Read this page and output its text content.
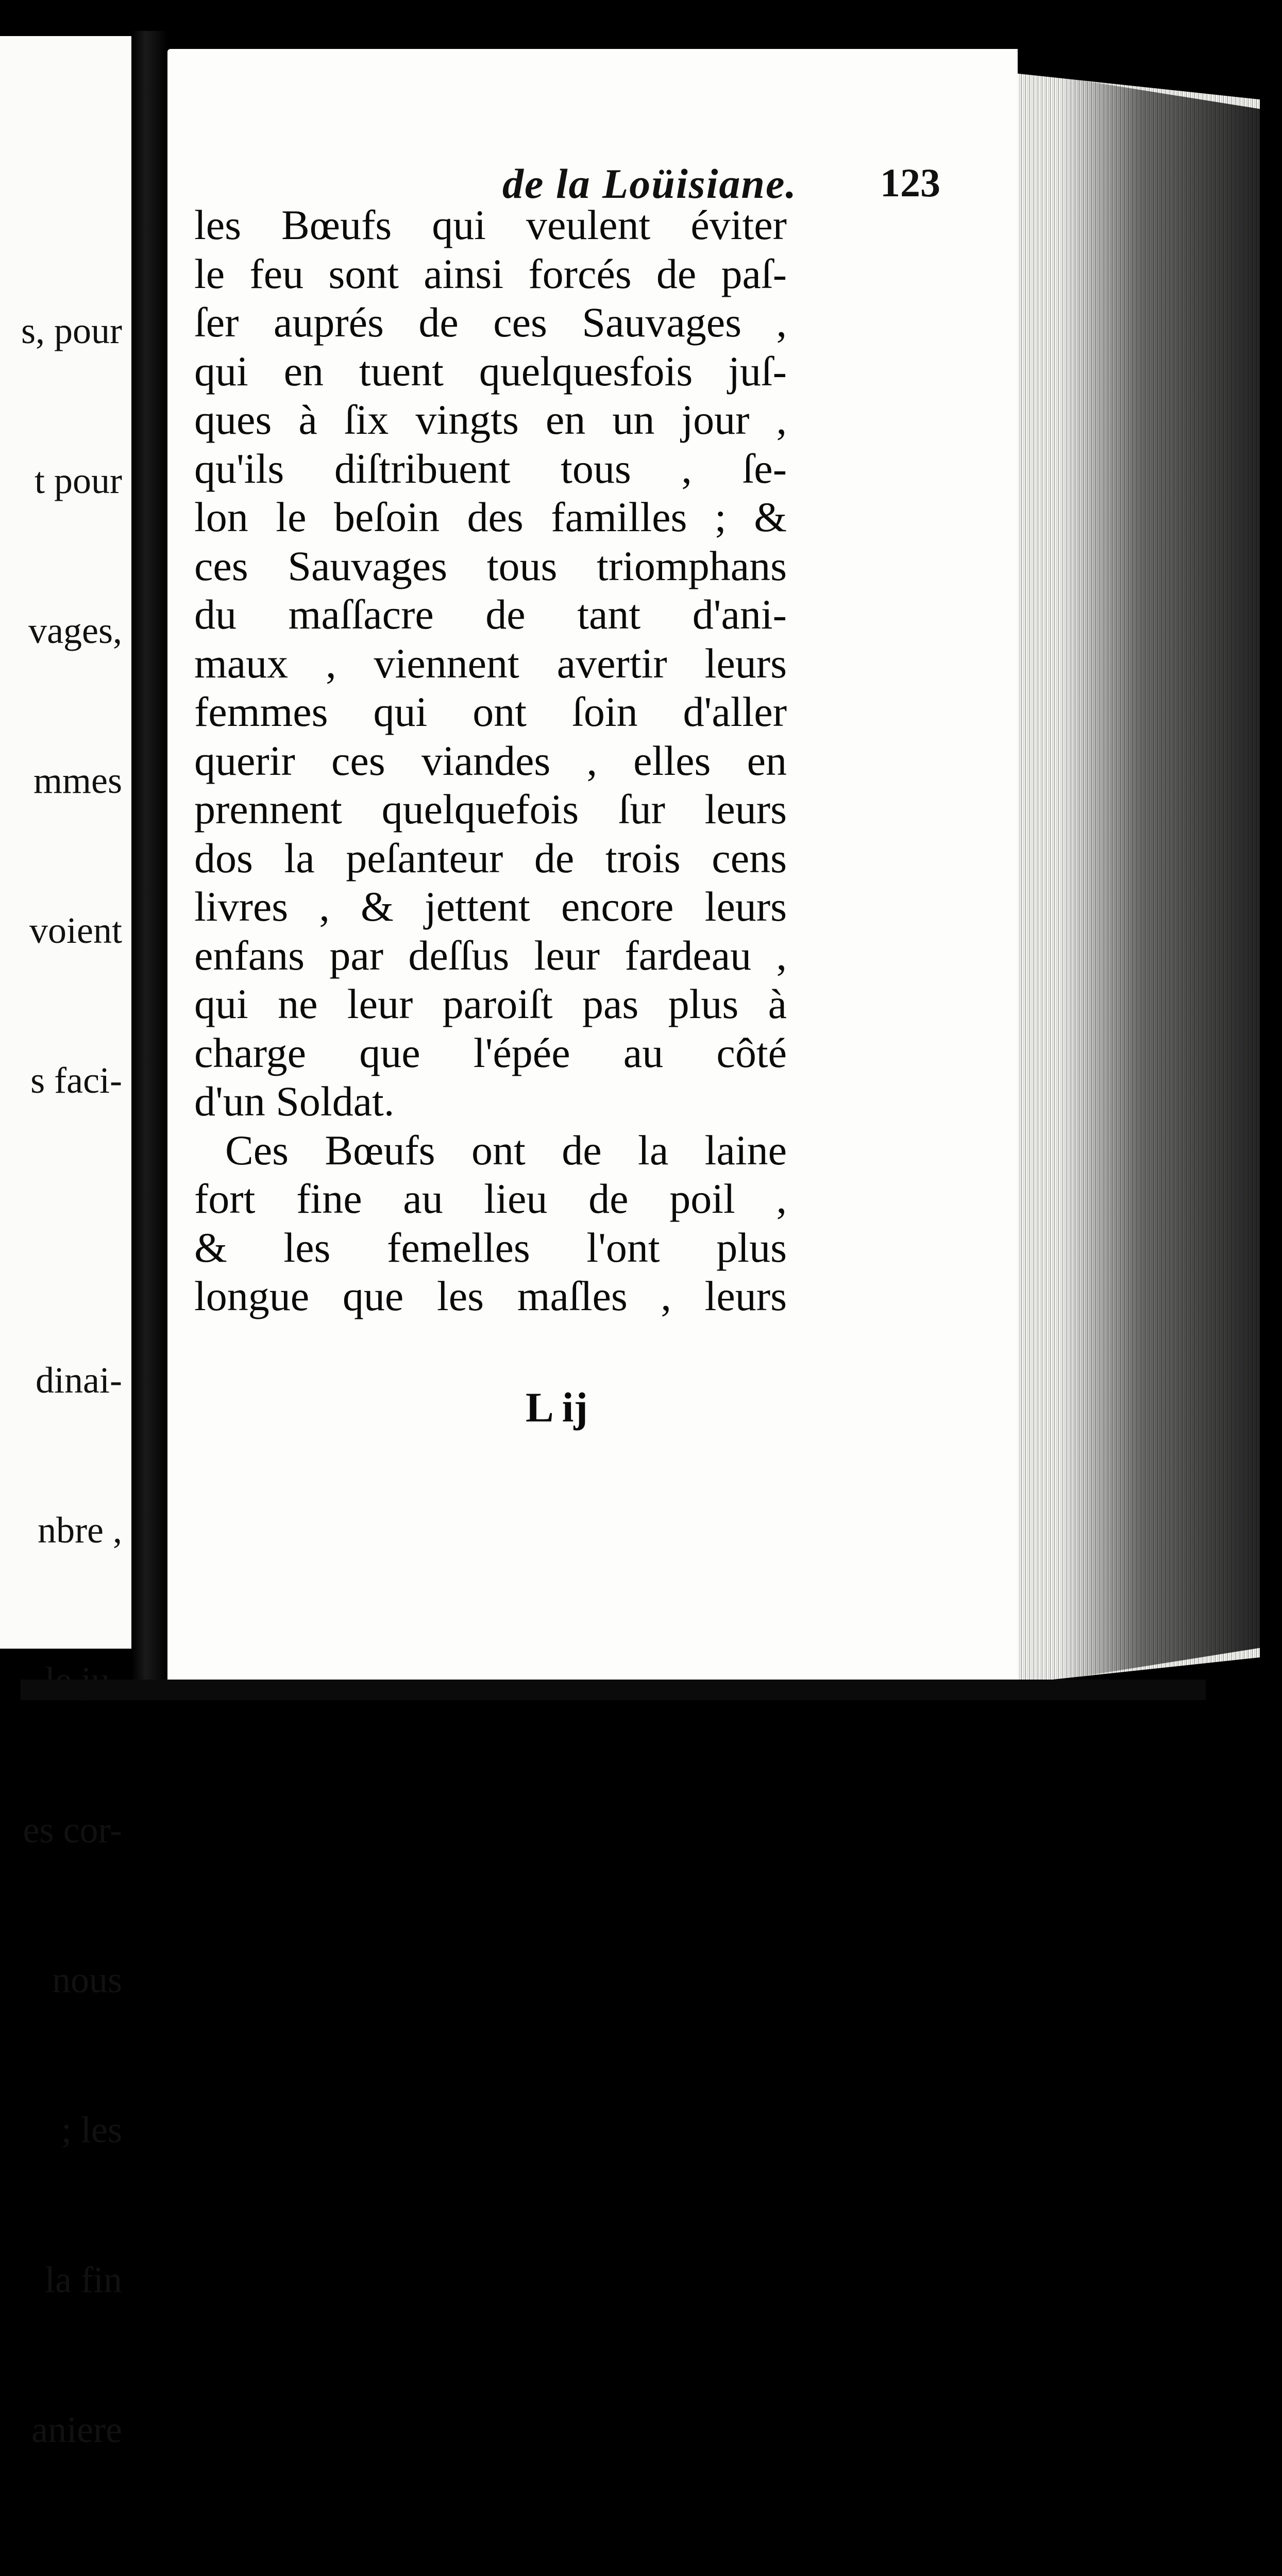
s, pour

t pour

vages,

mmes

voient

s faci-

dinai-

nbre ,

es cor-

nous

; les

la fin

aniere

de la Loüisiane. 123
les Bœufs qui veulent éviter
le feu sont ainsi forcés de paſ-
ſer auprés de ces Sauvages ,
qui en tuent quelquesfois juſ-
ques à ſix vingts en un jour ,
qu'ils diſtribuent tous , ſe-
lon le beſoin des familles ; &
ces Sauvages tous triomphans
du maſſacre de tant d'ani-
maux , viennent avertir leurs
femmes qui ont ſoin d'aller
querir ces viandes , elles en
prennent quelquefois ſur leurs
dos la peſanteur de trois cens
livres , & jettent encore leurs
enfans par deſſus leur fardeau ,
qui ne leur paroiſt pas plus à
charge que l'épée au côté
d'un Soldat.
Ces Bœufs ont de la laine
fort fine au lieu de poil ,
& les femelles l'ont plus
longue que les maſles , leurs
L ij
